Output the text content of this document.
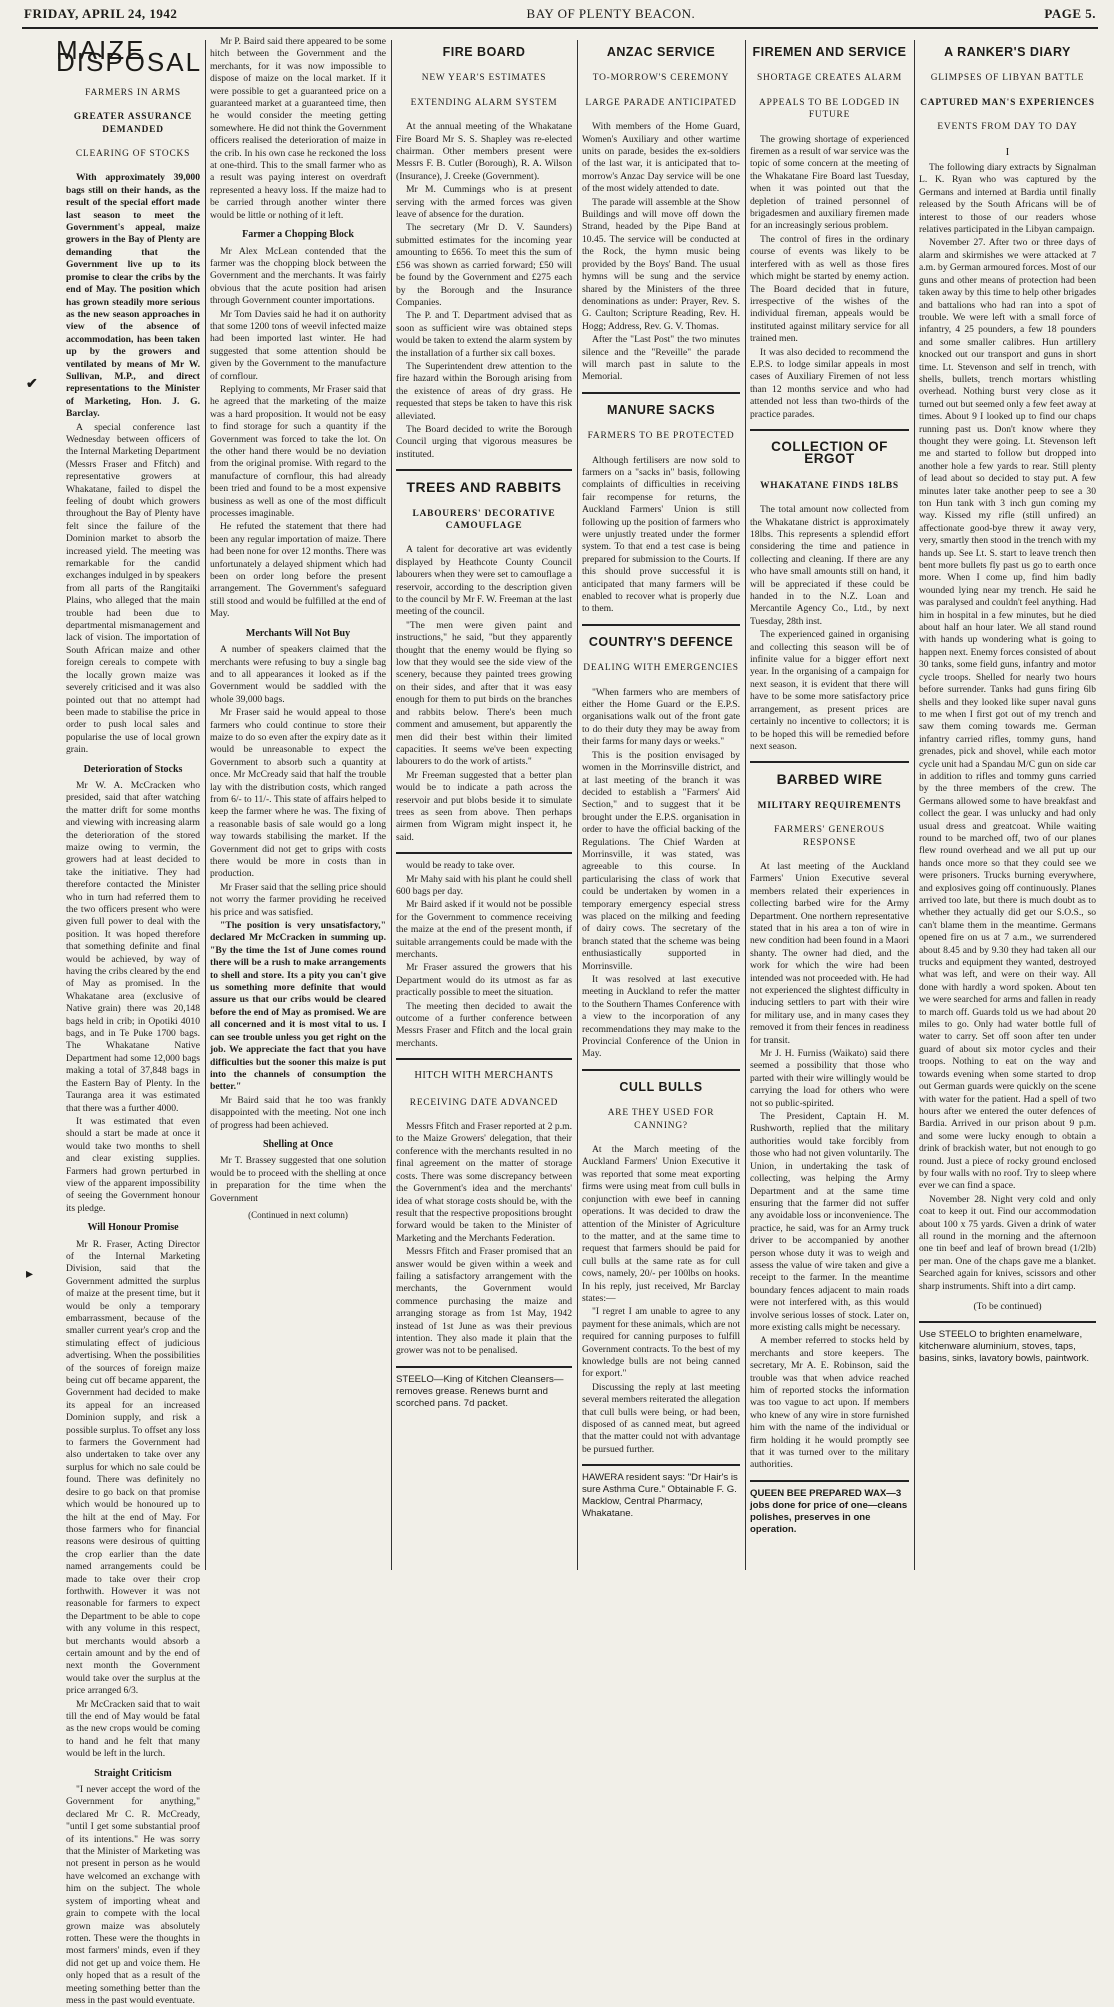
FRIDAY, APRIL 24, 1942	BAY OF PLENTY BEACON.	PAGE 5.
✔
▸
MAIZE DISPOSAL
FARMERS IN ARMS
GREATER ASSURANCE DEMANDED
CLEARING OF STOCKS

With approximately 39,000 bags still on their hands, as the result of the special effort made last season to meet the Government's appeal, maize growers in the Bay of Plenty are demanding that the Government live up to its promise to clear the cribs by the end of May. The position which has grown steadily more serious as the new season approaches in view of the absence of accommodation, has been taken up by the growers and ventilated by means of Mr W. Sullivan, M.P., and direct representations to the Minister of Marketing, Hon. J. G. Barclay.

A special conference last Wednesday between officers of the Internal Marketing Department (Messrs Fraser and Ffitch) and representative growers at Whakatane, failed to dispel the feeling of doubt which growers throughout the Bay of Plenty have felt since the failure of the Dominion market to absorb the increased yield. The meeting was remarkable for the candid exchanges indulged in by speakers from all parts of the Rangitaiki Plains, who alleged that the main trouble had been due to departmental mismanagement and lack of vision. The importation of South African maize and other foreign cereals to compete with the locally grown maize was severely criticised and it was also pointed out that no attempt had been made to stabilise the price in order to push local sales and popularise the use of local grown grain.

Deterioration of Stocks

Mr W. A. McCracken who presided, said that after watching the matter drift for some months and viewing with increasing alarm the deterioration of the stored maize owing to vermin, the growers had at least decided to take the initiative. They had therefore contacted the Minister who in turn had referred them to the two officers present who were given full power to deal with the position. It was hoped therefore that something definite and final would be achieved, by way of having the cribs cleared by the end of May as promised. In the Whakatane area (exclusive of Native grain) there was 20,148 bags held in crib; in Opotiki 4010 bags, and in Te Puke 1700 bags. The Whakatane Native Department had some 12,000 bags making a total of 37,848 bags in the Eastern Bay of Plenty. In the Tauranga area it was estimated that there was a further 4000.

It was estimated that even should a start be made at once it would take two months to shell and clear existing supplies. Farmers had grown perturbed in view of the apparent impossibility of seeing the Government honour its pledge.

Will Honour Promise

Mr R. Fraser, Acting Director of the Internal Marketing Division, said that the Government admitted the surplus of maize at the present time, but it would be only a temporary embarrassment, because of the smaller current year's crop and the stimulating effect of judicious advertising. When the possibilities of the sources of foreign maize being cut off became apparent, the Government had decided to make its appeal for an increased Dominion supply, and risk a possible surplus. To offset any loss to farmers the Government had also undertaken to take over any surplus for which no sale could be found. There was definitely no desire to go back on that promise which would be honoured up to the hilt at the end of May. For those farmers who for financial reasons were desirous of quitting the crop earlier than the date named arrangements could be made to take over their crop forthwith. However it was not reasonable for farmers to expect the Department to be able to cope with any volume in this respect, but merchants would absorb a certain amount and by the end of next month the Government would take over the surplus at the price arranged 6/3.

Mr McCracken said that to wait till the end of May would be fatal as the new crops would be coming to hand and he felt that many would be left in the lurch.

Straight Criticism

"I never accept the word of the Government for anything," declared Mr C. R. McCready, "until I get some substantial proof of its intentions." He was sorry that the Minister of Marketing was not present in person as he would have welcomed an exchange with him on the subject. The whole system of importing wheat and grain to compete with the local grown maize was absolutely rotten. These were the thoughts in most farmers' minds, even if they did not get up and voice them. He only hoped that as a result of the meeting something better than the mess in the past would eventuate.

Mr P. Baird said there appeared to be some hitch between the Government and the merchants, for it was now impossible to dispose of maize on the local market. If it were possible to get a guaranteed price on a guaranteed market at a guaranteed time, then he would consider the meeting getting somewhere. He did not think the Government officers realised the deterioration of maize in the crib. In his own case he reckoned the loss at one-third. This to the small farmer who as a result was paying interest on overdraft represented a heavy loss. If the maize had to be carried through another winter there would be little or nothing of it left.

Farmer a Chopping Block

Mr Alex McLean contended that the farmer was the chopping block between the Government and the merchants. It was fairly obvious that the acute position had arisen through Government counter importations.

Mr Tom Davies said he had it on authority that some 1200 tons of weevil infected maize had been imported last winter. He had suggested that some attention should be given by the Government to the manufacture of cornflour.

Replying to comments, Mr Fraser said that he agreed that the marketing of the maize was a hard proposition. It would not be easy to find storage for such a quantity if the Government was forced to take the lot. On the other hand there would be no deviation from the original promise. With regard to the manufacture of cornflour, this had already been tried and found to be a most expensive business as well as one of the most difficult processes imaginable.

He refuted the statement that there had been any regular importation of maize. There had been none for over 12 months. There was unfortunately a delayed shipment which had been on order long before the present arrangement. The Government's safeguard still stood and would be fulfilled at the end of May.

Merchants Will Not Buy

A number of speakers claimed that the merchants were refusing to buy a single bag and to all appearances it looked as if the Government would be saddled with the whole 39,000 bags.

Mr Fraser said he would appeal to those farmers who could continue to store their maize to do so even after the expiry date as it would be unreasonable to expect the Government to absorb such a quantity at once. Mr McCready said that half the trouble lay with the distribution costs, which ranged from 6/- to 11/-. This state of affairs helped to keep the farmer where he was. The fixing of a reasonable basis of sale would go a long way towards stabilising the market. If the Government did not get to grips with costs there would be more in costs than in production.

Mr Fraser said that the selling price should not worry the farmer providing he received his price and was satisfied.

"The position is very unsatisfactory," declared Mr McCracken in summing up. "By the time the 1st of June comes round there will be a rush to make arrangements to shell and store. Its a pity you can't give us something more definite that would assure us that our cribs would be cleared before the end of May as promised. We are all concerned and it is most vital to us. I can see trouble unless you get right on the job. We appreciate the fact that you have difficulties but the sooner this maize is put into the channels of consumption the better."

Mr Baird said that he too was frankly disappointed with the meeting. Not one inch of progress had been achieved.

Shelling at Once

Mr T. Brassey suggested that one solution would be to proceed with the shelling at once in preparation for the time when the Government

(Continued in next column)
FIRE BOARD
NEW YEAR'S ESTIMATES
EXTENDING ALARM SYSTEM

At the annual meeting of the Whakatane Fire Board Mr S. S. Shapley was re-elected chairman. Other members present were Messrs F. B. Cutler (Borough), R. A. Wilson (Insurance), J. Creeke (Government).

Mr M. Cummings who is at present serving with the armed forces was given leave of absence for the duration.

The secretary (Mr D. V. Saunders) submitted estimates for the incoming year amounting to £656. To meet this the sum of £56 was shown as carried forward; £50 will be found by the Government and £275 each by the Borough and the Insurance Companies.

The P. and T. Department advised that as soon as sufficient wire was obtained steps would be taken to extend the alarm system by the installation of a further six call boxes.

The Superintendent drew attention to the fire hazard within the Borough arising from the existence of areas of dry grass. He requested that steps be taken to have this risk alleviated.

The Board decided to write the Borough Council urging that vigorous measures be instituted.

TREES AND RABBITS
LABOURERS' DECORATIVE CAMOUFLAGE

A talent for decorative art was evidently displayed by Heathcote County Council labourers when they were set to camouflage a reservoir, according to the description given to the council by Mr F. W. Freeman at the last meeting of the council.

"The men were given paint and instructions," he said, "but they apparently thought that the enemy would be flying so low that they would see the side view of the scenery, because they painted trees growing on their sides, and after that it was easy enough for them to put birds on the branches and rabbits below. There's been much comment and amusement, but apparently the men did their best within their limited capacities. It seems we've been expecting labourers to do the work of artists."

Mr Freeman suggested that a better plan would be to indicate a path across the reservoir and put blobs beside it to simulate trees as seen from above. Then perhaps airmen from Wigram might inspect it, he said.

would be ready to take over.

Mr Mahy said with his plant he could shell 600 bags per day.

Mr Baird asked if it would not be possible for the Government to commence receiving the maize at the end of the present month, if suitable arrangements could be made with the merchants.

Mr Fraser assured the growers that his Department would do its utmost as far as practically possible to meet the situation.

The meeting then decided to await the outcome of a further conference between Messrs Fraser and Ffitch and the local grain merchants.

HITCH WITH MERCHANTS
RECEIVING DATE ADVANCED

Messrs Ffitch and Fraser reported at 2 p.m. to the Maize Growers' delegation, that their conference with the merchants resulted in no final agreement on the matter of storage costs. There was some discrepancy between the Government's idea and the merchants' idea of what storage costs should be, with the result that the respective propositions brought forward would be taken to the Minister of Marketing and the Merchants Federation.

Messrs Ffitch and Fraser promised that an answer would be given within a week and failing a satisfactory arrangement with the merchants, the Government would commence purchasing the maize and arranging storage as from 1st May, 1942 instead of 1st June as was their previous intention. They also made it plain that the grower was not to be penalised.

STEELO—King of Kitchen Cleansers—removes grease. Renews burnt and scorched pans. 7d packet.
ANZAC SERVICE
TO-MORROW'S CEREMONY
LARGE PARADE ANTICIPATED

With members of the Home Guard, Women's Auxiliary and other wartime units on parade, besides the ex-soldiers of the last war, it is anticipated that to-morrow's Anzac Day service will be one of the most widely attended to date.

The parade will assemble at the Show Buildings and will move off down the Strand, headed by the Pipe Band at 10.45. The service will be conducted at the Rock, the hymn music being provided by the Boys' Band. The usual hymns will be sung and the service shared by the Ministers of the three denominations as under: Prayer, Rev. S. G. Caulton; Scripture Reading, Rev. H. Hogg; Address, Rev. G. V. Thomas.

After the "Last Post" the two minutes silence and the "Reveille" the parade will march past in salute to the Memorial.

MANURE SACKS
FARMERS TO BE PROTECTED

Although fertilisers are now sold to farmers on a "sacks in" basis, following complaints of difficulties in receiving fair recompense for returns, the Auckland Farmers' Union is still following up the position of farmers who were unjustly treated under the former system. To that end a test case is being prepared for submission to the Courts. If this should prove successful it is anticipated that many farmers will be enabled to recover what is properly due to them.

COUNTRY'S DEFENCE
DEALING WITH EMERGENCIES

"When farmers who are members of either the Home Guard or the E.P.S. organisations walk out of the front gate to do their duty they may be away from their farms for many days or weeks."

This is the position envisaged by women in the Morrinsville district, and at last meeting of the branch it was decided to establish a "Farmers' Aid Section," and to suggest that it be brought under the E.P.S. organisation in order to have the official backing of the Regulations. The Chief Warden at Morrinsville, it was stated, was agreeable to this course. In particularising the class of work that could be undertaken by women in a temporary emergency especial stress was placed on the milking and feeding of dairy cows. The secretary of the branch stated that the scheme was being enthusiastically supported in Morrinsville.

It was resolved at last executive meeting in Auckland to refer the matter to the Southern Thames Conference with a view to the incorporation of any recommendations they may make to the Provincial Conference of the Union in May.

CULL BULLS
ARE THEY USED FOR CANNING?

At the March meeting of the Auckland Farmers' Union Executive it was reported that some meat exporting firms were using meat from cull bulls in conjunction with ewe beef in canning operations. It was decided to draw the attention of the Minister of Agriculture to the matter, and at the same time to request that farmers should be paid for cull bulls at the same rate as for cull cows, namely, 20/- per 100lbs on hooks. In his reply, just received, Mr Barclay states:—

"I regret I am unable to agree to any payment for these animals, which are not required for canning purposes to fulfill Government contracts. To the best of my knowledge bulls are not being canned for export."

Discussing the reply at last meeting several members reiterated the allegation that cull bulls were being, or had been, disposed of as canned meat, but agreed that the matter could not with advantage be pursued further.

HAWERA resident says: "Dr Hair's is sure Asthma Cure." Obtainable F. G. Macklow, Central Pharmacy, Whakatane.
FIREMEN AND SERVICE
SHORTAGE CREATES ALARM
APPEALS TO BE LODGED IN FUTURE

The growing shortage of experienced firemen as a result of war service was the topic of some concern at the meeting of the Whakatane Fire Board last Tuesday, when it was pointed out that the depletion of trained personnel of brigadesmen and auxiliary firemen made for an increasingly serious problem.

The control of fires in the ordinary course of events was likely to be interfered with as well as those fires which might be started by enemy action. The Board decided that in future, irrespective of the wishes of the individual fireman, appeals would be instituted against military service for all trained men.

It was also decided to recommend the E.P.S. to lodge similar appeals in most cases of Auxiliary Firemen of not less than 12 months service and who had attended not less than two-thirds of the practice parades.

COLLECTION OF ERGOT
WHAKATANE FINDS 18LBS

The total amount now collected from the Whakatane district is approximately 18lbs. This represents a splendid effort considering the time and patience in collecting and cleaning. If there are any who have small amounts still on hand, it will be appreciated if these could be handed in to the N.Z. Loan and Mercantile Agency Co., Ltd., by next Tuesday, 28th inst.

The experienced gained in organising and collecting this season will be of infinite value for a bigger effort next year. In the organising of a campaign for next season, it is evident that there will have to be some more satisfactory price arrangement, as present prices are certainly no incentive to collectors; it is to be hoped this will be remedied before next season.

BARBED WIRE
MILITARY REQUIREMENTS
FARMERS' GENEROUS RESPONSE

At last meeting of the Auckland Farmers' Union Executive several members related their experiences in collecting barbed wire for the Army Department. One northern representative stated that in his area a ton of wire in new condition had been found in a Maori shanty. The owner had died, and the work for which the wire had been intended was not proceeded with. He had not experienced the slightest difficulty in inducing settlers to part with their wire for military use, and in many cases they removed it from their fences in readiness for transit.

Mr J. H. Furniss (Waikato) said there seemed a possibility that those who parted with their wire willingly would be carrying the load for others who were not so public-spirited.

The President, Captain H. M. Rushworth, replied that the military authorities would take forcibly from those who had not given voluntarily. The Union, in undertaking the task of collecting, was helping the Army Department and at the same time ensuring that the farmer did not suffer any avoidable loss or inconvenience. The practice, he said, was for an Army truck driver to be accompanied by another person whose duty it was to weigh and assess the value of wire taken and give a receipt to the farmer. In the meantime boundary fences adjacent to main roads were not interfered with, as this would involve serious losses of stock. Later on, more existing calls might be necessary.

A member referred to stocks held by merchants and store keepers. The secretary, Mr A. E. Robinson, said the trouble was that when advice reached him of reported stocks the information was too vague to act upon. If members who knew of any wire in store furnished him with the name of the individual or firm holding it he would promptly see that it was turned over to the military authorities.

QUEEN BEE PREPARED WAX—3 jobs done for price of one—cleans polishes, preserves in one operation.
A RANKER'S DIARY
GLIMPSES OF LIBYAN BATTLE
CAPTURED MAN'S EXPERIENCES
EVENTS FROM DAY TO DAY
I

The following diary extracts by Signalman L. K. Ryan who was captured by the Germans and interned at Bardia until finally released by the South Africans will be of interest to those of our readers whose relatives participated in the Libyan campaign.

November 27. After two or three days of alarm and skirmishes we were attacked at 7 a.m. by German armoured forces. Most of our guns and other means of protection had been taken away by this time to help other brigades and battalions who had ran into a spot of trouble. We were left with a small force of infantry, 4 25 pounders, a few 18 pounders and some smaller calibres. Hun artillery knocked out our transport and guns in short time. Lt. Stevenson and self in trench, with shells, bullets, trench mortars whistling overhead. Nothing burst very close as it turned out but seemed only a few feet away at times. About 9 I looked up to find our chaps running past us. Don't know where they thought they were going. Lt. Stevenson left me and started to follow but dropped into another hole a few yards to rear. Still plenty of lead about so decided to stay put. A few minutes later take another peep to see a 30 ton Hun tank with 3 inch gun coming my way. Kissed my rifle (still unfired) an affectionate good-bye threw it away very, very, smartly then stood in the trench with my hands up. See Lt. S. start to leave trench then bent more bullets fly past us go to earth once more. When I come up, find him badly wounded lying near my trench. He said he was paralysed and couldn't feel anything. Had him in hospital in a few minutes, but he died about half an hour later. We all stand round with hands up wondering what is going to happen next. Enemy forces consisted of about 30 tanks, some field guns, infantry and motor cycle troops. Shelled for nearly two hours before surrender. Tanks had guns firing 6lb shells and they looked like super naval guns to me when I first got out of my trench and saw them coming towards me. German infantry carried rifles, tommy guns, hand grenades, pick and shovel, while each motor cycle unit had a Spandau M/C gun on side car in addition to rifles and tommy guns carried by the three members of the crew. The Germans allowed some to have breakfast and collect the gear. I was unlucky and had only usual dress and greatcoat. While waiting round to be marched off, two of our planes flew round overhead and we all put up our hands once more so that they could see we were prisoners. Trucks burning everywhere, and explosives going off continuously. Planes arrived too late, but there is much doubt as to whether they actually did get our S.O.S., so can't blame them in the meantime. Germans opened fire on us at 7 a.m., we surrendered about 8.45 and by 9.30 they had taken all our trucks and equipment they wanted, destroyed what was left, and were on their way. All done with hardly a word spoken. About ten we were searched for arms and fallen in ready to march off. Guards told us we had about 20 miles to go. Only had water bottle full of water to carry. Set off soon after ten under guard of about six motor cycles and their troops. Nothing to eat on the way and towards evening when some started to drop out German guards were quickly on the scene with water for the patient. Had a spell of two hours after we entered the outer defences of Bardia. Arrived in our prison about 9 p.m. and some were lucky enough to obtain a drink of brackish water, but not enough to go round. Just a piece of rocky ground enclosed by four walls with no roof. Try to sleep where ever we can find a space.

November 28. Night very cold and only coat to keep it out. Find our accommodation about 100 x 75 yards. Given a drink of water all round in the morning and the afternoon one tin beef and leaf of brown bread (1/2lb) per man. One of the chaps gave me a blanket. Searched again for knives, scissors and other sharp instruments. Shift into a dirt camp.

(To be continued)
Use STEELO to brighten enamelware, kitchenware aluminium, stoves, taps, basins, sinks, lavatory bowls, paintwork.
